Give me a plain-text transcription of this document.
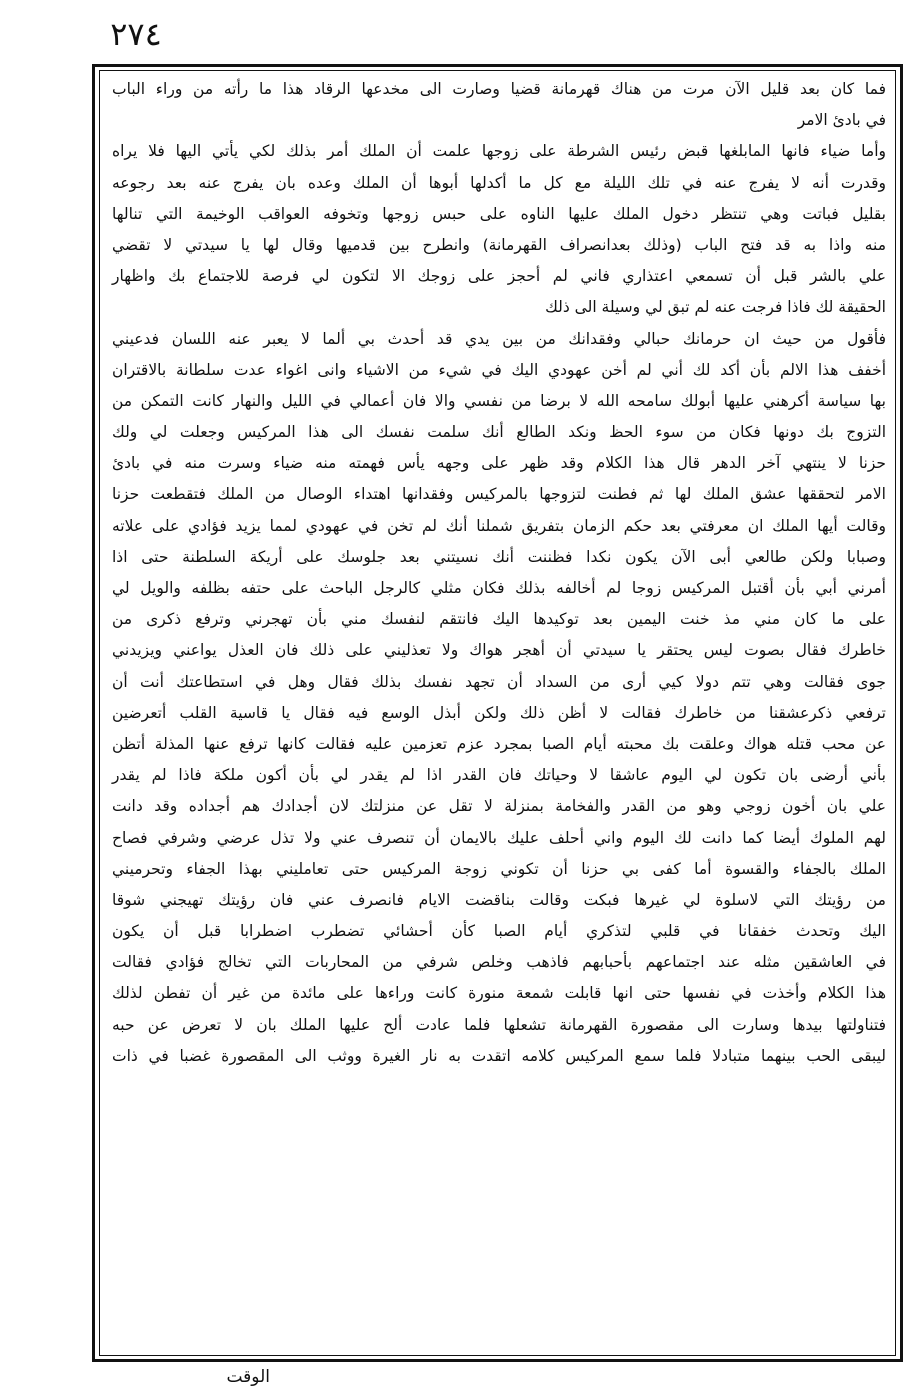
٢٧٤
فما كان بعد قليل الآن مرت من هناك قهرمانة قضيا وصارت الى مخدعها الرقاد هذا ما رأته من وراء الباب
في بادئ الامر
وأما ضياء فانها المابلغها قبض رئيس الشرطة على زوجها علمت أن الملك أمر بذلك لكي يأتي اليها فلا يراه
وقدرت أنه لا يفرج عنه في تلك الليلة مع كل ما أكدلها أبوها أن الملك وعده بان يفرج عنه بعد رجوعه
بقليل فباتت وهي تنتظر دخول الملك عليها الناوه على حبس زوجها وتخوفه العواقب الوخيمة التي تنالها
منه واذا به قد فتح الباب (وذلك بعدانصراف القهرمانة) وانطرح بين قدميها وقال لها يا سيدتي لا تقضي
علي بالشر قبل أن تسمعي اعتذاري فاني لم أحجز على زوجك الا لتكون لي فرصة للاجتماع بك واظهار
الحقيقة لك فاذا فرجت عنه لم تبق لي وسيلة الى ذلك
فأقول من حيث ان حرمانك حبالي وفقدانك من بين يدي قد أحدث بي ألما لا يعبر عنه اللسان فدعيني
أخفف هذا الالم بأن أكد لك أني لم أخن عهودي اليك في شيء من الاشياء وانى اغواء عدت سلطانة بالاقتران
بها سياسة أكرهني عليها أبولك سامحه الله لا برضا من نفسي والا فان أعمالي في الليل والنهار كانت التمكن من
التزوج بك دونها فكان من سوء الحظ ونكد الطالع أنك سلمت نفسك الى هذا المركيس وجعلت لي ولك
حزنا لا ينتهي آخر الدهر قال هذا الكلام وقد ظهر على وجهه يأس فهمته منه ضياء وسرت منه في بادئ
الامر لتحققها عشق الملك لها ثم فطنت لتزوجها بالمركيس وفقدانها اهتداء الوصال من الملك فتقطعت حزنا
وقالت أيها الملك ان معرفتي بعد حكم الزمان بتفريق شملنا أنك لم تخن في عهودي لمما يزيد فؤادي على علاته
وصبابا ولكن طالعي أبى الآن يكون نكدا فظننت أنك نسيتني بعد جلوسك على أريكة السلطنة حتى اذا
أمرني أبي بأن أقتبل المركيس زوجا لم أخالفه بذلك فكان مثلي كالرجل الباحث على حتفه بظلفه والويل لي
على ما كان مني مذ خنت اليمين بعد توكيدها اليك فانتقم لنفسك مني بأن تهجرني وترفع ذكرى من
خاطرك فقال بصوت ليس يحتقر يا سيدتي أن أهجر هواك ولا تعذليني على ذلك فان العذل يواعني ويزيدني
جوى فقالت وهي تتم دولا كيي أرى من السداد أن تجهد نفسك بذلك فقال وهل في استطاعتك أنت أن
ترفعي ذكرعشقنا من خاطرك فقالت لا أظن ذلك ولكن أبذل الوسع فيه فقال يا قاسية القلب أتعرضين
عن محب قتله هواك وعلقت بك محبته أيام الصبا بمجرد عزم تعزمين عليه فقالت كانها ترفع عنها المذلة أتظن
بأني أرضى بان تكون لي اليوم عاشقا لا وحياتك فان القدر اذا لم يقدر لي بأن أكون ملكة فاذا لم يقدر
علي بان أخون زوجي وهو من القدر والفخامة بمنزلة لا تقل عن منزلتك لان أجدادك هم أجداده وقد دانت
لهم الملوك أيضا كما دانت لك اليوم واني أحلف عليك بالايمان أن تنصرف عني ولا تذل عرضي وشرفي فصاح
الملك بالجفاء والقسوة أما كفى بي حزنا أن تكوني زوجة المركيس حتى تعامليني بهذا الجفاء وتحرميني
من رؤيتك التي لاسلوة لي غيرها فبكت وقالت بناقضت الايام فانصرف عني فان رؤيتك تهيجني شوقا
اليك وتحدث خفقانا في قلبي لتذكري أيام الصبا كأن أحشائي تضطرب اضطرابا قبل أن يكون
في العاشقين مثله عند اجتماعهم بأحبابهم فاذهب وخلص شرفي من المحاربات التي تخالج فؤادي فقالت
هذا الكلام وأخذت في نفسها حتى انها قابلت شمعة منورة كانت وراءها على مائدة من غير أن تفطن لذلك
فتناولتها بيدها وسارت الى مقصورة القهرمانة تشعلها فلما عادت ألح عليها الملك بان لا تعرض عن حبه
ليبقى الحب بينهما متبادلا فلما سمع المركيس كلامه اتقدت به نار الغيرة ووثب الى المقصورة غضبا في ذات
الوقت
